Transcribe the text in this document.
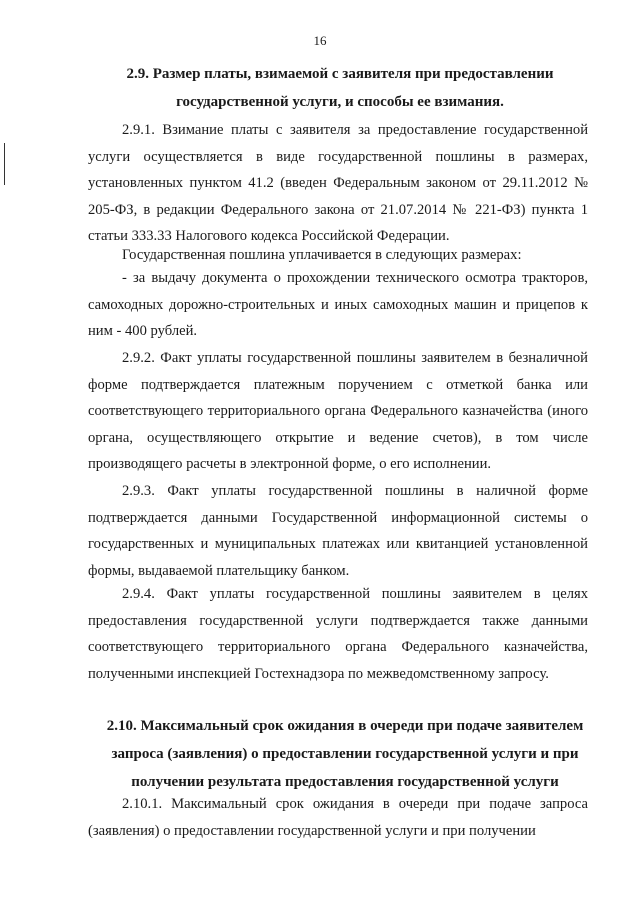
16
2.9. Размер платы, взимаемой с заявителя при предоставлении государственной услуги, и способы ее взимания.

2.9.1. Взимание платы с заявителя за предоставление государственной услуги осуществляется в виде государственной пошлины в размерах, установленных пунктом 41.2 (введен Федеральным законом от 29.11.2012 № 205-ФЗ, в редакции Федерального закона от 21.07.2014 № 221-ФЗ) пункта 1 статьи 333.33 Налогового кодекса Российской Федерации.

Государственная пошлина уплачивается в следующих размерах:

- за выдачу документа о прохождении технического осмотра тракторов, самоходных дорожно-строительных и иных самоходных машин и прицепов к ним - 400 рублей.

2.9.2. Факт уплаты государственной пошлины заявителем в безналичной форме подтверждается платежным поручением с отметкой банка или соответствующего территориального органа Федерального казначейства (иного органа, осуществляющего открытие и ведение счетов), в том числе производящего расчеты в электронной форме, о его исполнении.

2.9.3. Факт уплаты государственной пошлины в наличной форме подтверждается данными Государственной информационной системы о государственных и муниципальных платежах или квитанцией установленной формы, выдаваемой плательщику банком.

2.9.4. Факт уплаты государственной пошлины заявителем в целях предоставления государственной услуги подтверждается также данными соответствующего территориального органа Федерального казначейства, полученными инспекцией Гостехнадзора по межведомственному запросу.

2.10. Максимальный срок ожидания в очереди при подаче заявителем запроса (заявления) о предоставлении государственной услуги и при получении результата предоставления государственной услуги

2.10.1. Максимальный срок ожидания в очереди при подаче запроса (заявления) о предоставлении государственной услуги и при получении
